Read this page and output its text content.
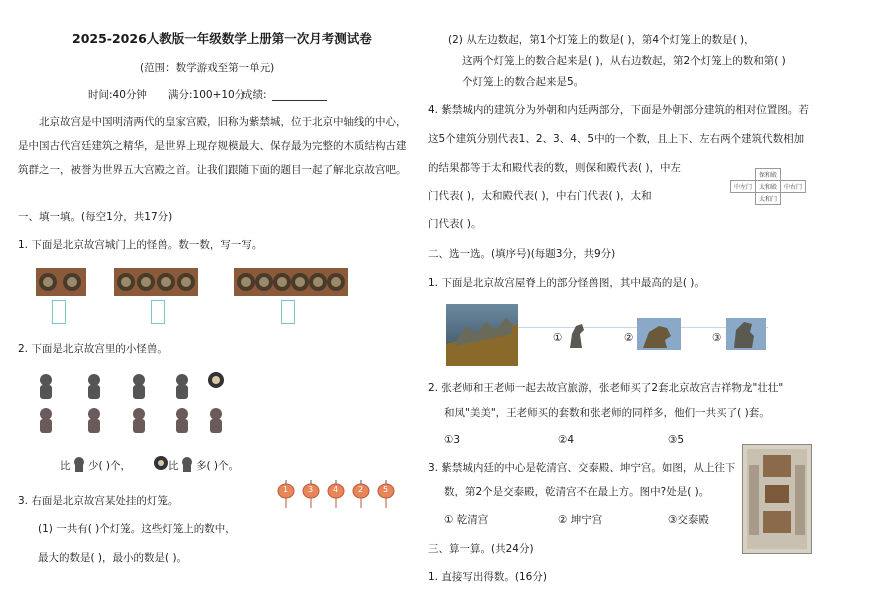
2025-2026人教版一年级数学上册第一次月考测试卷
(范围：数学游戏至第一单元)
时间:40分钟 满分:100+10分
成绩:
北京故宫是中国明清两代的皇家宫殿，旧称为紫禁城，位于北京中轴线的中心，是中国古代宫廷建筑之精华，是世界上现存规模最大、保存最为完整的木质结构古建筑群之一，被誉为世界五大宫殿之首。让我们跟随下面的题目一起了解北京故宫吧。
一、填一填。(每空1分，共17分)
1. 下面是北京故宫城门上的怪兽。数一数，写一写。
2. 下面是北京故宫里的小怪兽。
比 少( )个，	比 多( )个。
3. 右面是北京故宫某处挂的灯笼。
1 3 4 2 5
(1) 一共有( )个灯笼。这些灯笼上的数中，
最大的数是( )，最小的数是( )。
(2) 从左边数起，第1个灯笼上的数是( )，第4个灯笼上的数是( )，
这两个灯笼上的数合起来是( )，从右边数起，第2个灯笼上的数和第( )
个灯笼上的数合起来是5。
4. 紫禁城内的建筑分为外朝和内廷两部分，下面是外朝部分建筑的相对位置图。若
这5个建筑分别代表1、2、3、4、5中的一个数，且上下、左右两个建筑代数相加
的结果都等于太和殿代表的数，则保和殿代表( )，中左
门代表( )，太和殿代表( )，中右门代表( )，太和
门代表( )。
	保和殿	
中左门	太和殿	中右门
	太和门	
二、选一选。(填序号)(每题3分，共9分)
1. 下面是北京故宫屋脊上的部分怪兽图，其中最高的是( )。
①	②	③
2. 张老师和王老师一起去故宫旅游，张老师买了2套北京故宫吉祥物龙"壮壮"
和凤"美美"，王老师买的套数和张老师的同样多，他们一共买了( )套。
①3	②4	③5
3. 紫禁城内廷的中心是乾清宫、交泰殿、坤宁宫。如图，从上往下
数，第2个是交泰殿，乾清宫不在最上方。图中?处是( )。
① 乾清宫	② 坤宁宫	③交泰殿
三、算一算。(共24分)
1. 直接写出得数。(16分)
